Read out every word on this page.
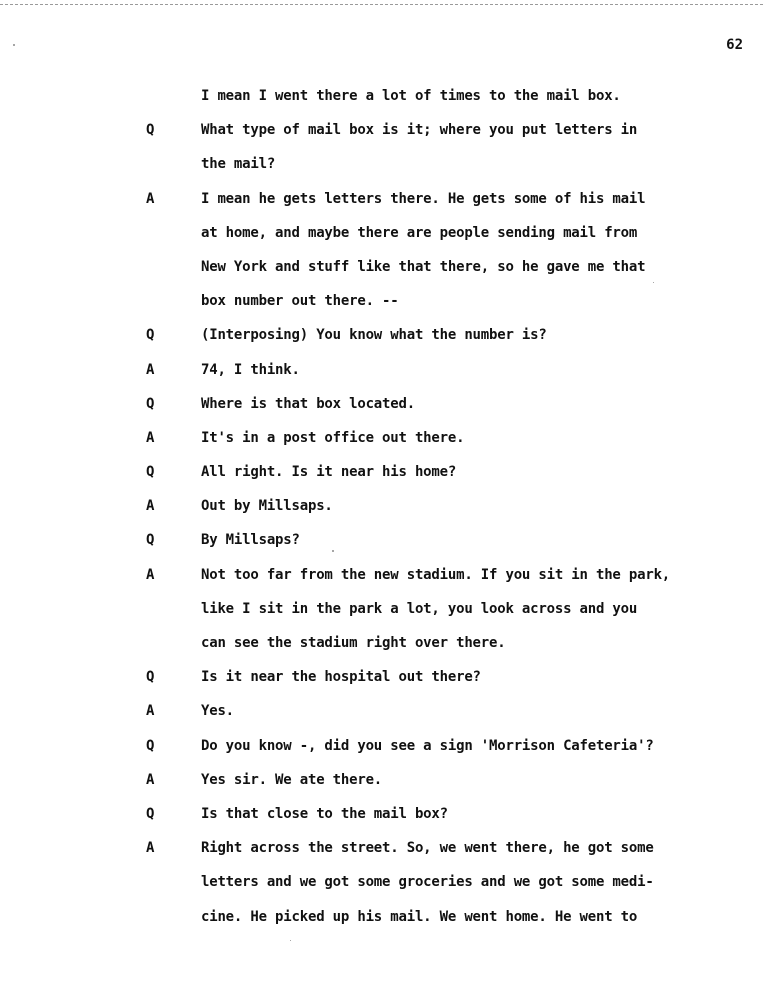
62
I mean I went there a lot of times to the mail box.
Q	What type of mail box is it; where you put letters in
the mail?
A	I mean he gets letters there. He gets some of his mail
at home, and maybe there are people sending mail from
New York and stuff like that there, so he gave me that
box number out there. --
Q	(Interposing) You know what the number is?
A	74, I think.
Q	Where is that box located.
A	It's in a post office out there.
Q	All right. Is it near his home?
A	Out by Millsaps.
Q	By Millsaps?
A	Not too far from the new stadium. If you sit in the park,
like I sit in the park a lot, you look across and you
can see the stadium right over there.
Q	Is it near the hospital out there?
A	Yes.
Q	Do you know -, did you see a sign 'Morrison Cafeteria'?
A	Yes sir. We ate there.
Q	Is that close to the mail box?
A	Right across the street. So, we went there, he got some
letters and we got some groceries and we got some medi-
cine. He picked up his mail. We went home. He went to
